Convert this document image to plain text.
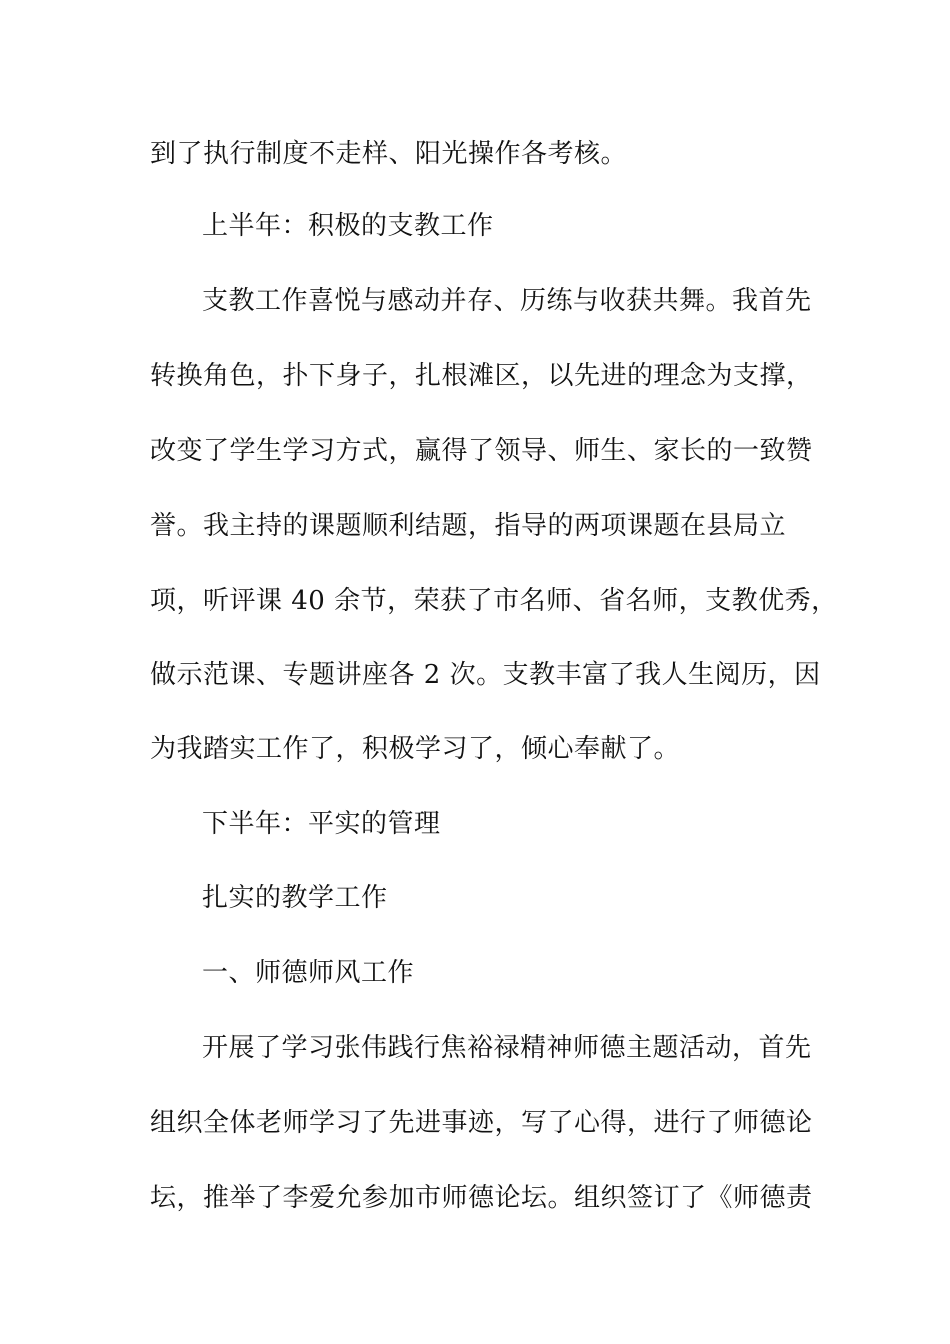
到了执行制度不走样、阳光操作各考核。

上半年：积极的支教工作

支教工作喜悦与感动并存、历练与收获共舞。我首先

转换角色，扑下身子，扎根滩区，以先进的理念为支撑，

改变了学生学习方式，赢得了领导、师生、家长的一致赞

誉。我主持的课题顺利结题，指导的两项课题在县局立

项，听评课 40 余节，荣获了市名师、省名师，支教优秀，

做示范课、专题讲座各 2 次。支教丰富了我人生阅历，因

为我踏实工作了，积极学习了，倾心奉献了。

下半年：平实的管理

扎实的教学工作

一、师德师风工作

开展了学习张伟践行焦裕禄精神师德主题活动，首先

组织全体老师学习了先进事迹，写了心得，进行了师德论

坛，推举了李爱允参加市师德论坛。组织签订了《师德责
